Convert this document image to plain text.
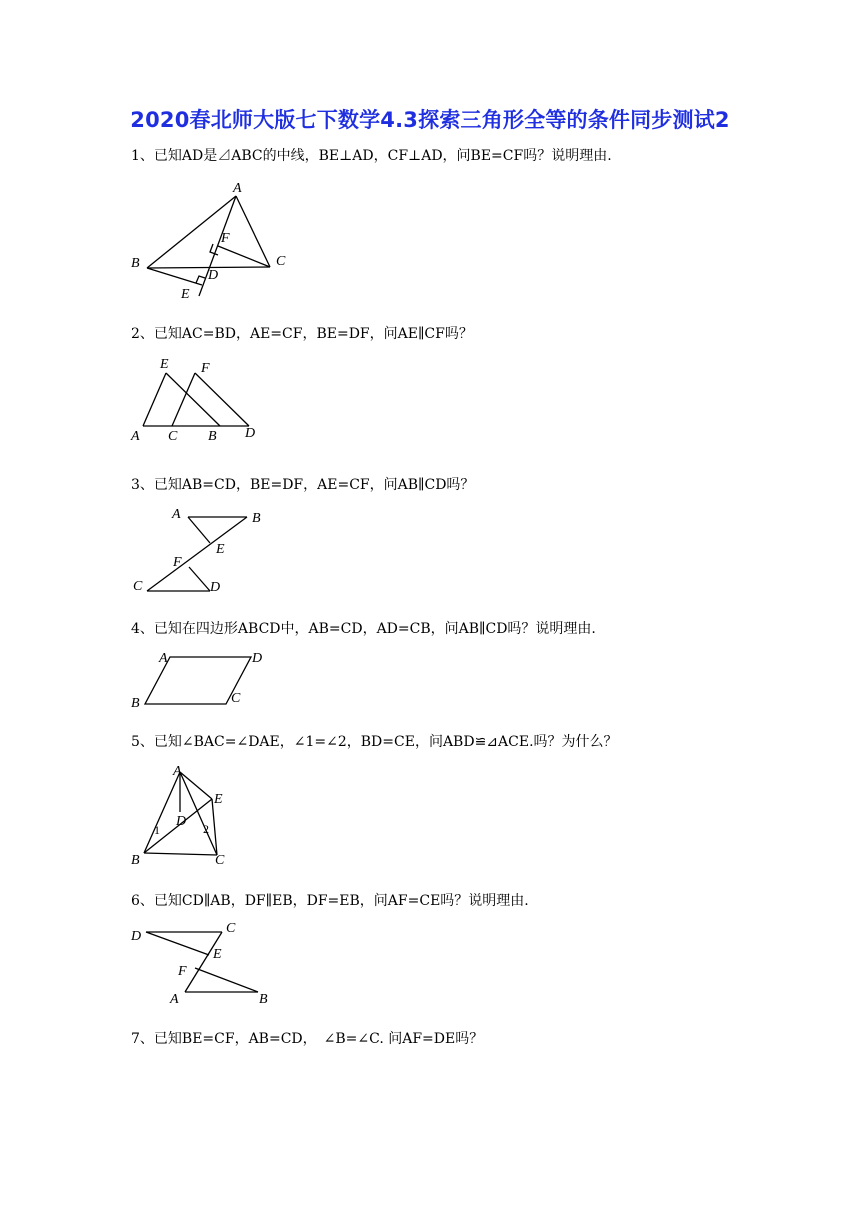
2020春北师大版七下数学4.3探索三角形全等的条件同步测试2
1、已知AD是⊿ABC的中线，BE⊥AD，CF⊥AD，问BE=CF吗？说明理由.
A
B	C
D
E
F
2、已知AC=BD，AE=CF，BE=DF，问AE∥CF吗？
A C B D
E F
3、已知AB=CD，BE=DF，AE=CF，问AB∥CD吗？
A	B
E
F
C	D
4、已知在四边形ABCD中，AB=CD，AD=CB，问AB∥CD吗？说明理由.
A	D
B	C
5、已知∠BAC=∠DAE，∠1=∠2，BD=CE，问ABD≌⊿ACE.吗？为什么？
A
E
D
B	C
1	2
6、已知CD∥AB，DF∥EB，DF=EB，问AF=CE吗？说明理由.
D
C
E
F
A	B
7、已知BE=CF，AB=CD，　∠B=∠C. 问AF=DE吗？
